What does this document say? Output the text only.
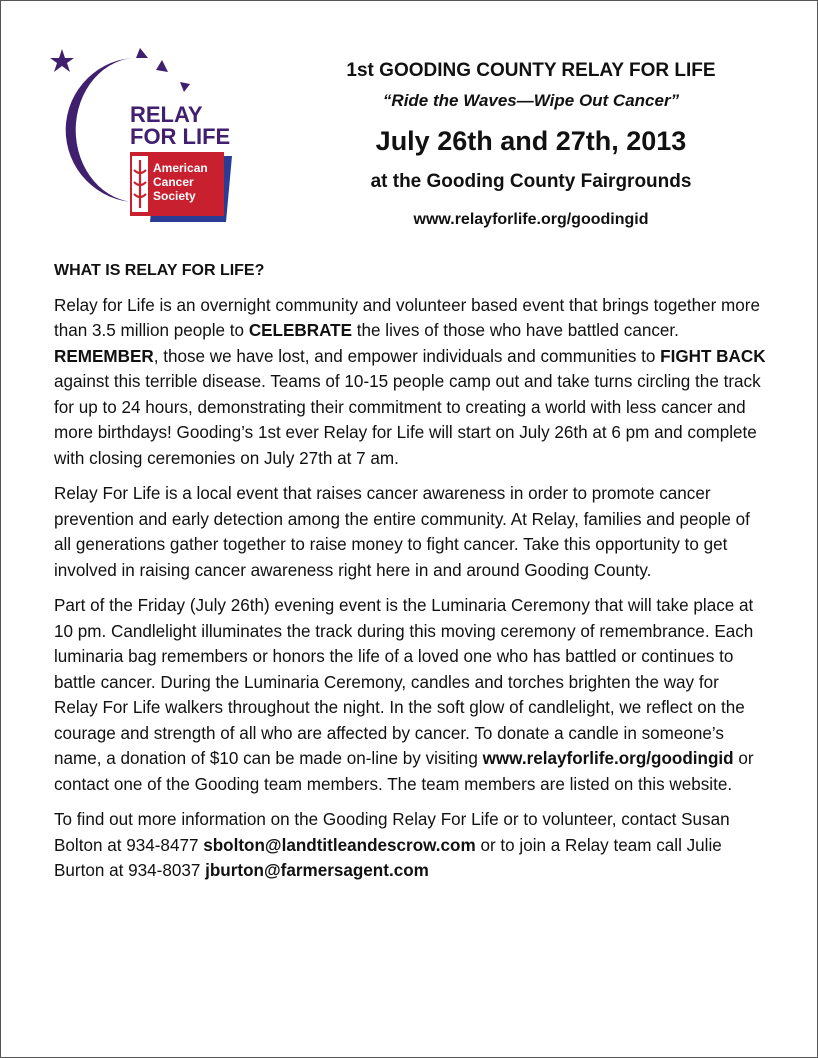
RELAY
FOR LIFE
American
Cancer
Society
1st GOODING COUNTY RELAY FOR LIFE
“Ride the Waves—Wipe Out Cancer”
July 26th and 27th, 2013
at the Gooding County Fairgrounds
www.relayforlife.org/goodingid
WHAT IS RELAY FOR LIFE?

Relay for Life is an overnight community and volunteer based event that brings together more than 3.5 million people to CELEBRATE the lives of those who have battled cancer. REMEMBER, those we have lost, and empower individuals and communities to FIGHT BACK against this terrible disease. Teams of 10-15 people camp out and take turns circling the track for up to 24 hours, demonstrating their commitment to creating a world with less cancer and more birthdays! Gooding’s 1st ever Relay for Life will start on July 26th at 6 pm and complete with closing ceremonies on July 27th at 7 am.

Relay For Life is a local event that raises cancer awareness in order to promote cancer prevention and early detection among the entire community. At Relay, families and people of all generations gather together to raise money to fight cancer. Take this opportunity to get involved in raising cancer awareness right here in and around Gooding County.

Part of the Friday (July 26th) evening event is the Luminaria Ceremony that will take place at 10 pm. Candlelight illuminates the track during this moving ceremony of remembrance. Each luminaria bag remembers or honors the life of a loved one who has battled or continues to battle cancer. During the Luminaria Ceremony, candles and torches brighten the way for Relay For Life walkers throughout the night. In the soft glow of candlelight, we reflect on the courage and strength of all who are affected by cancer. To donate a candle in someone’s name, a donation of $10 can be made on-line by visiting www.relayforlife.org/goodingid or contact one of the Gooding team members. The team members are listed on this website.

To find out more information on the Gooding Relay For Life or to volunteer, contact Susan Bolton at 934-8477 sbolton@landtitleandescrow.com or to join a Relay team call Julie Burton at 934-8037 jburton@farmersagent.com
